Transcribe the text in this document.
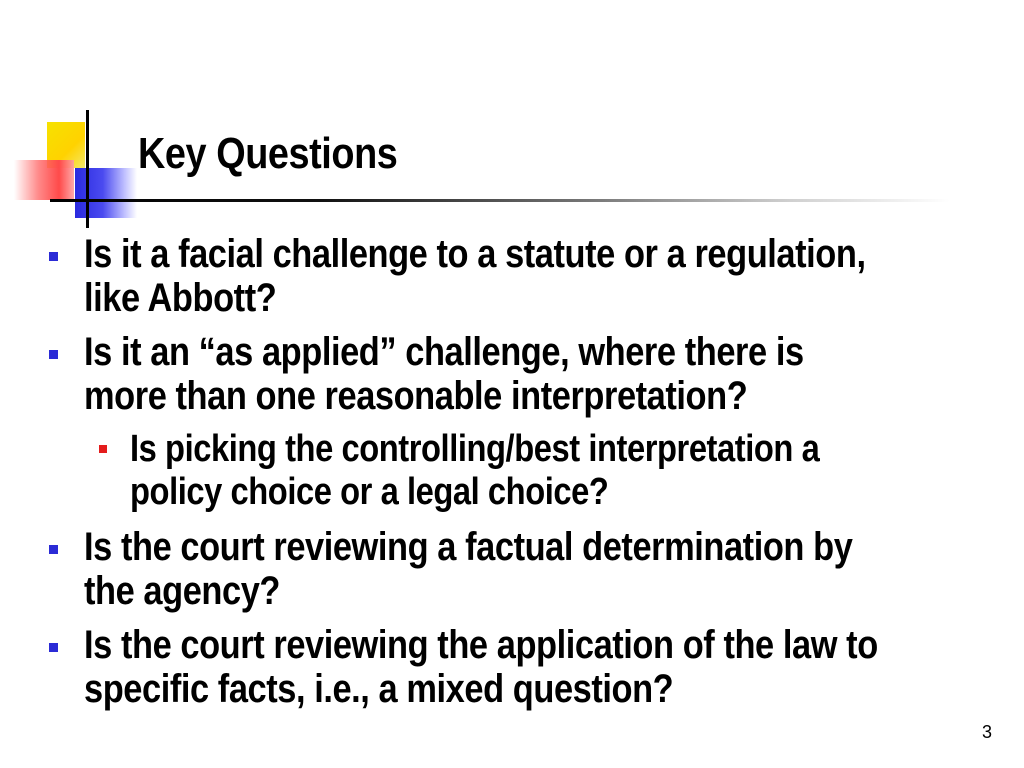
Key Questions
Is it a facial challenge to a statute or a regulation,
like Abbott?
Is it an “as applied” challenge, where there is
more than one reasonable interpretation?
Is picking the controlling/best interpretation a
policy choice or a legal choice?
Is the court reviewing a factual determination by
the agency?
Is the court reviewing the application of the law to
specific facts, i.e., a mixed question?
3
